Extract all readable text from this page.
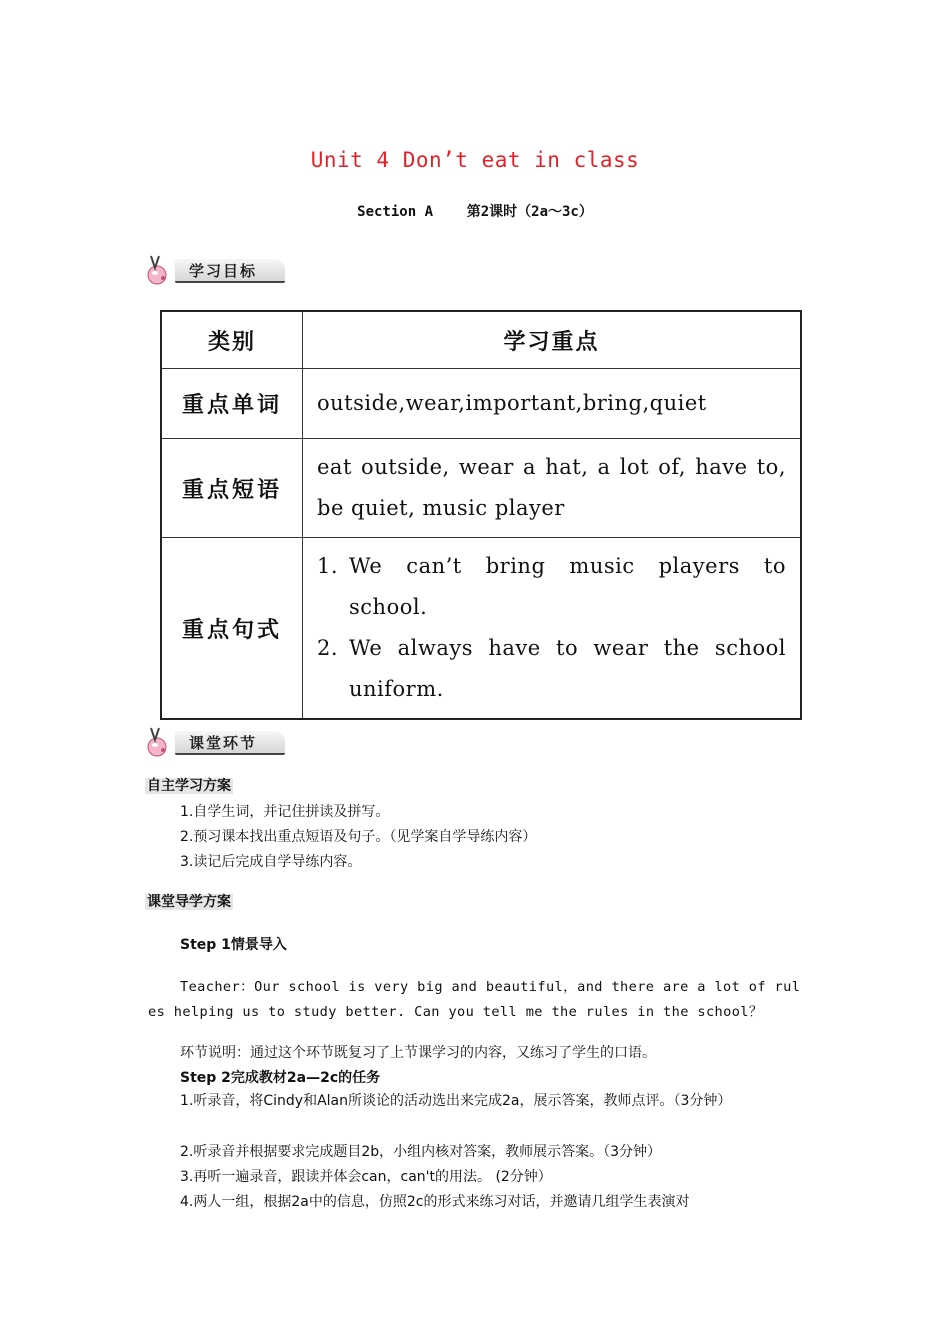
Unit 4 Don’t eat in class
Section A    第2课时（2a～3c）
学习目标
类别	学习重点
重点单词	outside,wear,important,bring,quiet
重点短语	eat outside, wear a hat, a lot of, have to, be quiet, music player
重点句式	1. We can’t bring music players to school.
2. We always have to wear the school uniform.
课堂环节
自主学习方案
1.自学生词，并记住拼读及拼写。
2.预习课本找出重点短语及句子。（见学案自学导练内容）
3.读记后完成自学导练内容。
课堂导学方案
Step 1情景导入
Teacher：Our school is very big and beautiful，and there are a lot of rules helping us to study better. Can you tell me the rules in the school？
环节说明：通过这个环节既复习了上节课学习的内容，又练习了学生的口语。
Step 2完成教材2a—2c的任务
1.听录音，将Cindy和Alan所谈论的活动选出来完成2a，展示答案，教师点评。（3分钟）
2.听录音并根据要求完成题目2b，小组内核对答案，教师展示答案。（3分钟）
3.再听一遍录音，跟读并体会can，can't的用法。 (2分钟）
4.两人一组，根据2a中的信息，仿照2c的形式来练习对话，并邀请几组学生表演对
